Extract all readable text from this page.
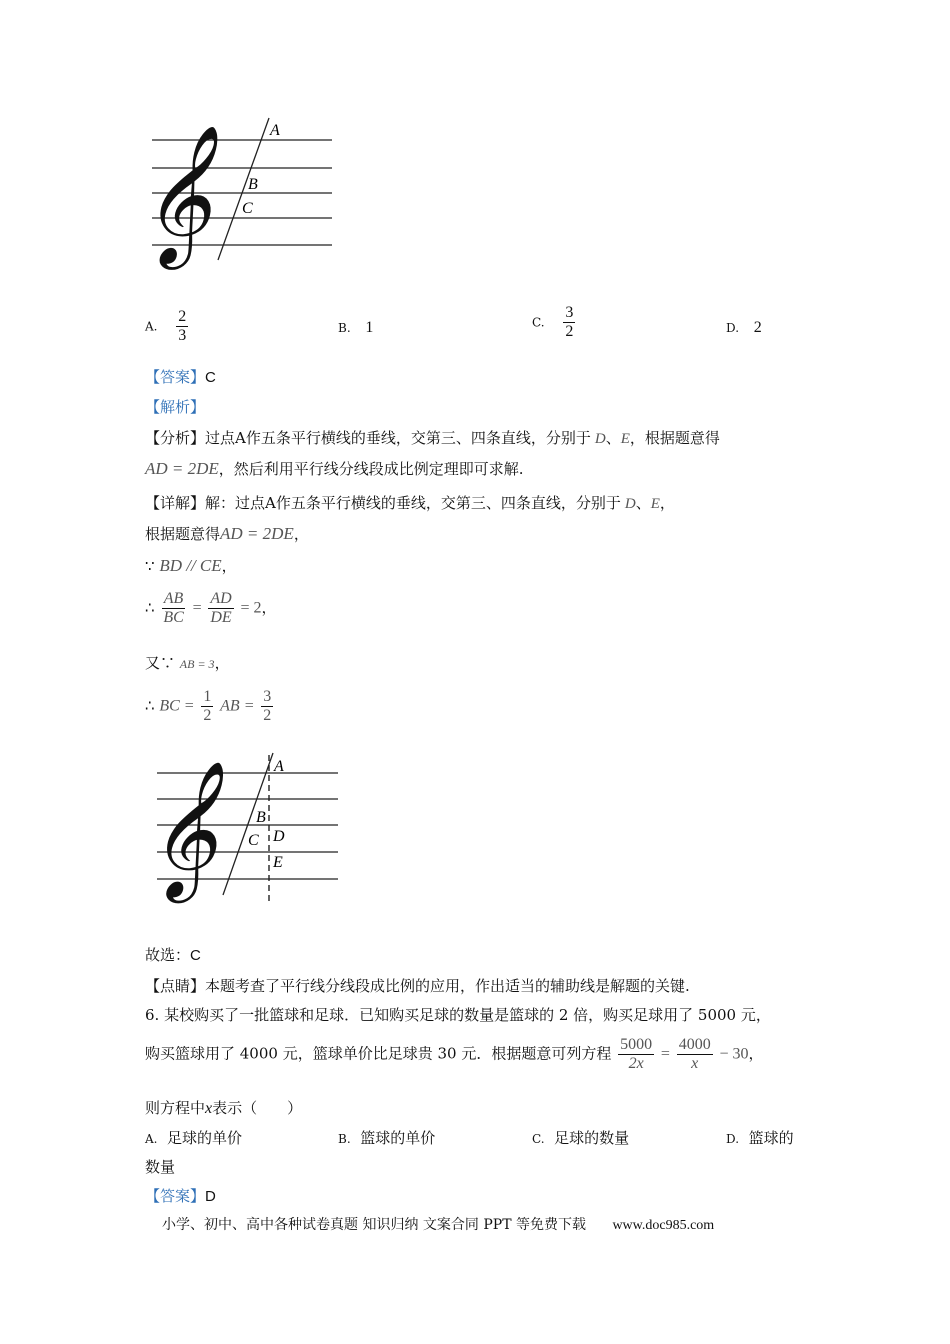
𝄞	A
B
C
A. $\frac{2}{3}$	B. 1	C. $\frac{3}{2}$	D. 2
【答案】C
【解析】
【分析】过点A作五条平行横线的垂线，交第三、四条直线，分别于 D、E，根据题意得
AD = 2DE，然后利用平行线分线段成比例定理即可求解.
【详解】解：过点A作五条平行横线的垂线，交第三、四条直线，分别于 D、E，
根据题意得AD = 2DE，
∵ BD // CE，
∴ $\frac{AB}{BC} = \frac{AD}{DE} = 2$，
又∵ AB = 3，
∴ BC = $\frac{1}{2}$ AB = $\frac{3}{2}$
𝄞	A
B
C D
E
故选：C
【点睛】本题考查了平行线分线段成比例的应用，作出适当的辅助线是解题的关键.
6. 某校购买了一批篮球和足球．已知购买足球的数量是篮球的 2 倍，购买足球用了 5000 元，
购买篮球用了 4000 元，篮球单价比足球贵 30 元．根据题意可列方程 $\frac{5000}{2x} = \frac{4000}{x} - 30$，
则方程中x表示（　　）
A. 足球的单价	B. 篮球的单价	C. 足球的数量	D. 篮球的
数量
【答案】D
小学、初中、高中各种试卷真题 知识归纳 文案合同 PPT 等免费下载 www.doc985.com
